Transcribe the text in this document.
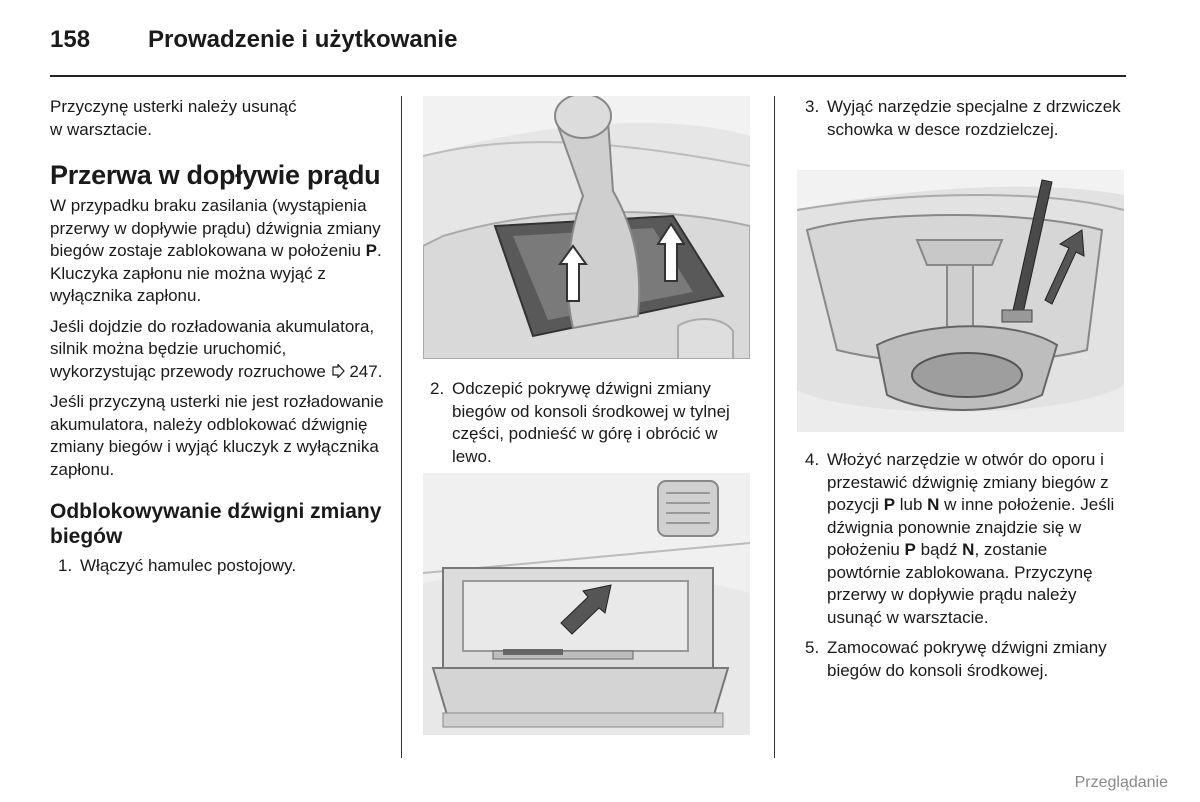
158 Prowadzenie i użytkowanie

Przyczynę usterki należy usunąć
w warsztacie.

Przerwa w dopływie prądu

W przypadku braku zasilania (wystąpienia przerwy w dopływie prądu) dźwignia zmiany biegów zostaje zablokowana w położeniu P. Kluczyka zapłonu nie można wyjąć z wyłącznika zapłonu.

Jeśli dojdzie do rozładowania akumulatora, silnik można będzie uruchomić, wykorzystując przewody rozruchowe  247.

Jeśli przyczyną usterki nie jest rozładowanie akumulatora, należy odblokować dźwignię zmiany biegów i wyjąć kluczyk z wyłącznika zapłonu.

Odblokowywanie dźwigni zmiany biegów
1. Włączyć hamulec postojowy.
2. Odczepić pokrywę dźwigni zmiany biegów od konsoli środkowej w tylnej części, podnieść w górę i obrócić w lewo.
3. Wyjąć narzędzie specjalne z drzwiczek schowka w desce rozdzielczej.
4. Włożyć narzędzie w otwór do oporu i przestawić dźwignię zmiany biegów z pozycji P lub N w inne położenie. Jeśli dźwignia ponownie znajdzie się w położeniu P bądź N, zostanie powtórnie zablokowana. Przyczynę przerwy w dopływie prądu należy usunąć w warsztacie.
5. Zamocować pokrywę dźwigni zmiany biegów do konsoli środkowej.
Przeglądanie
